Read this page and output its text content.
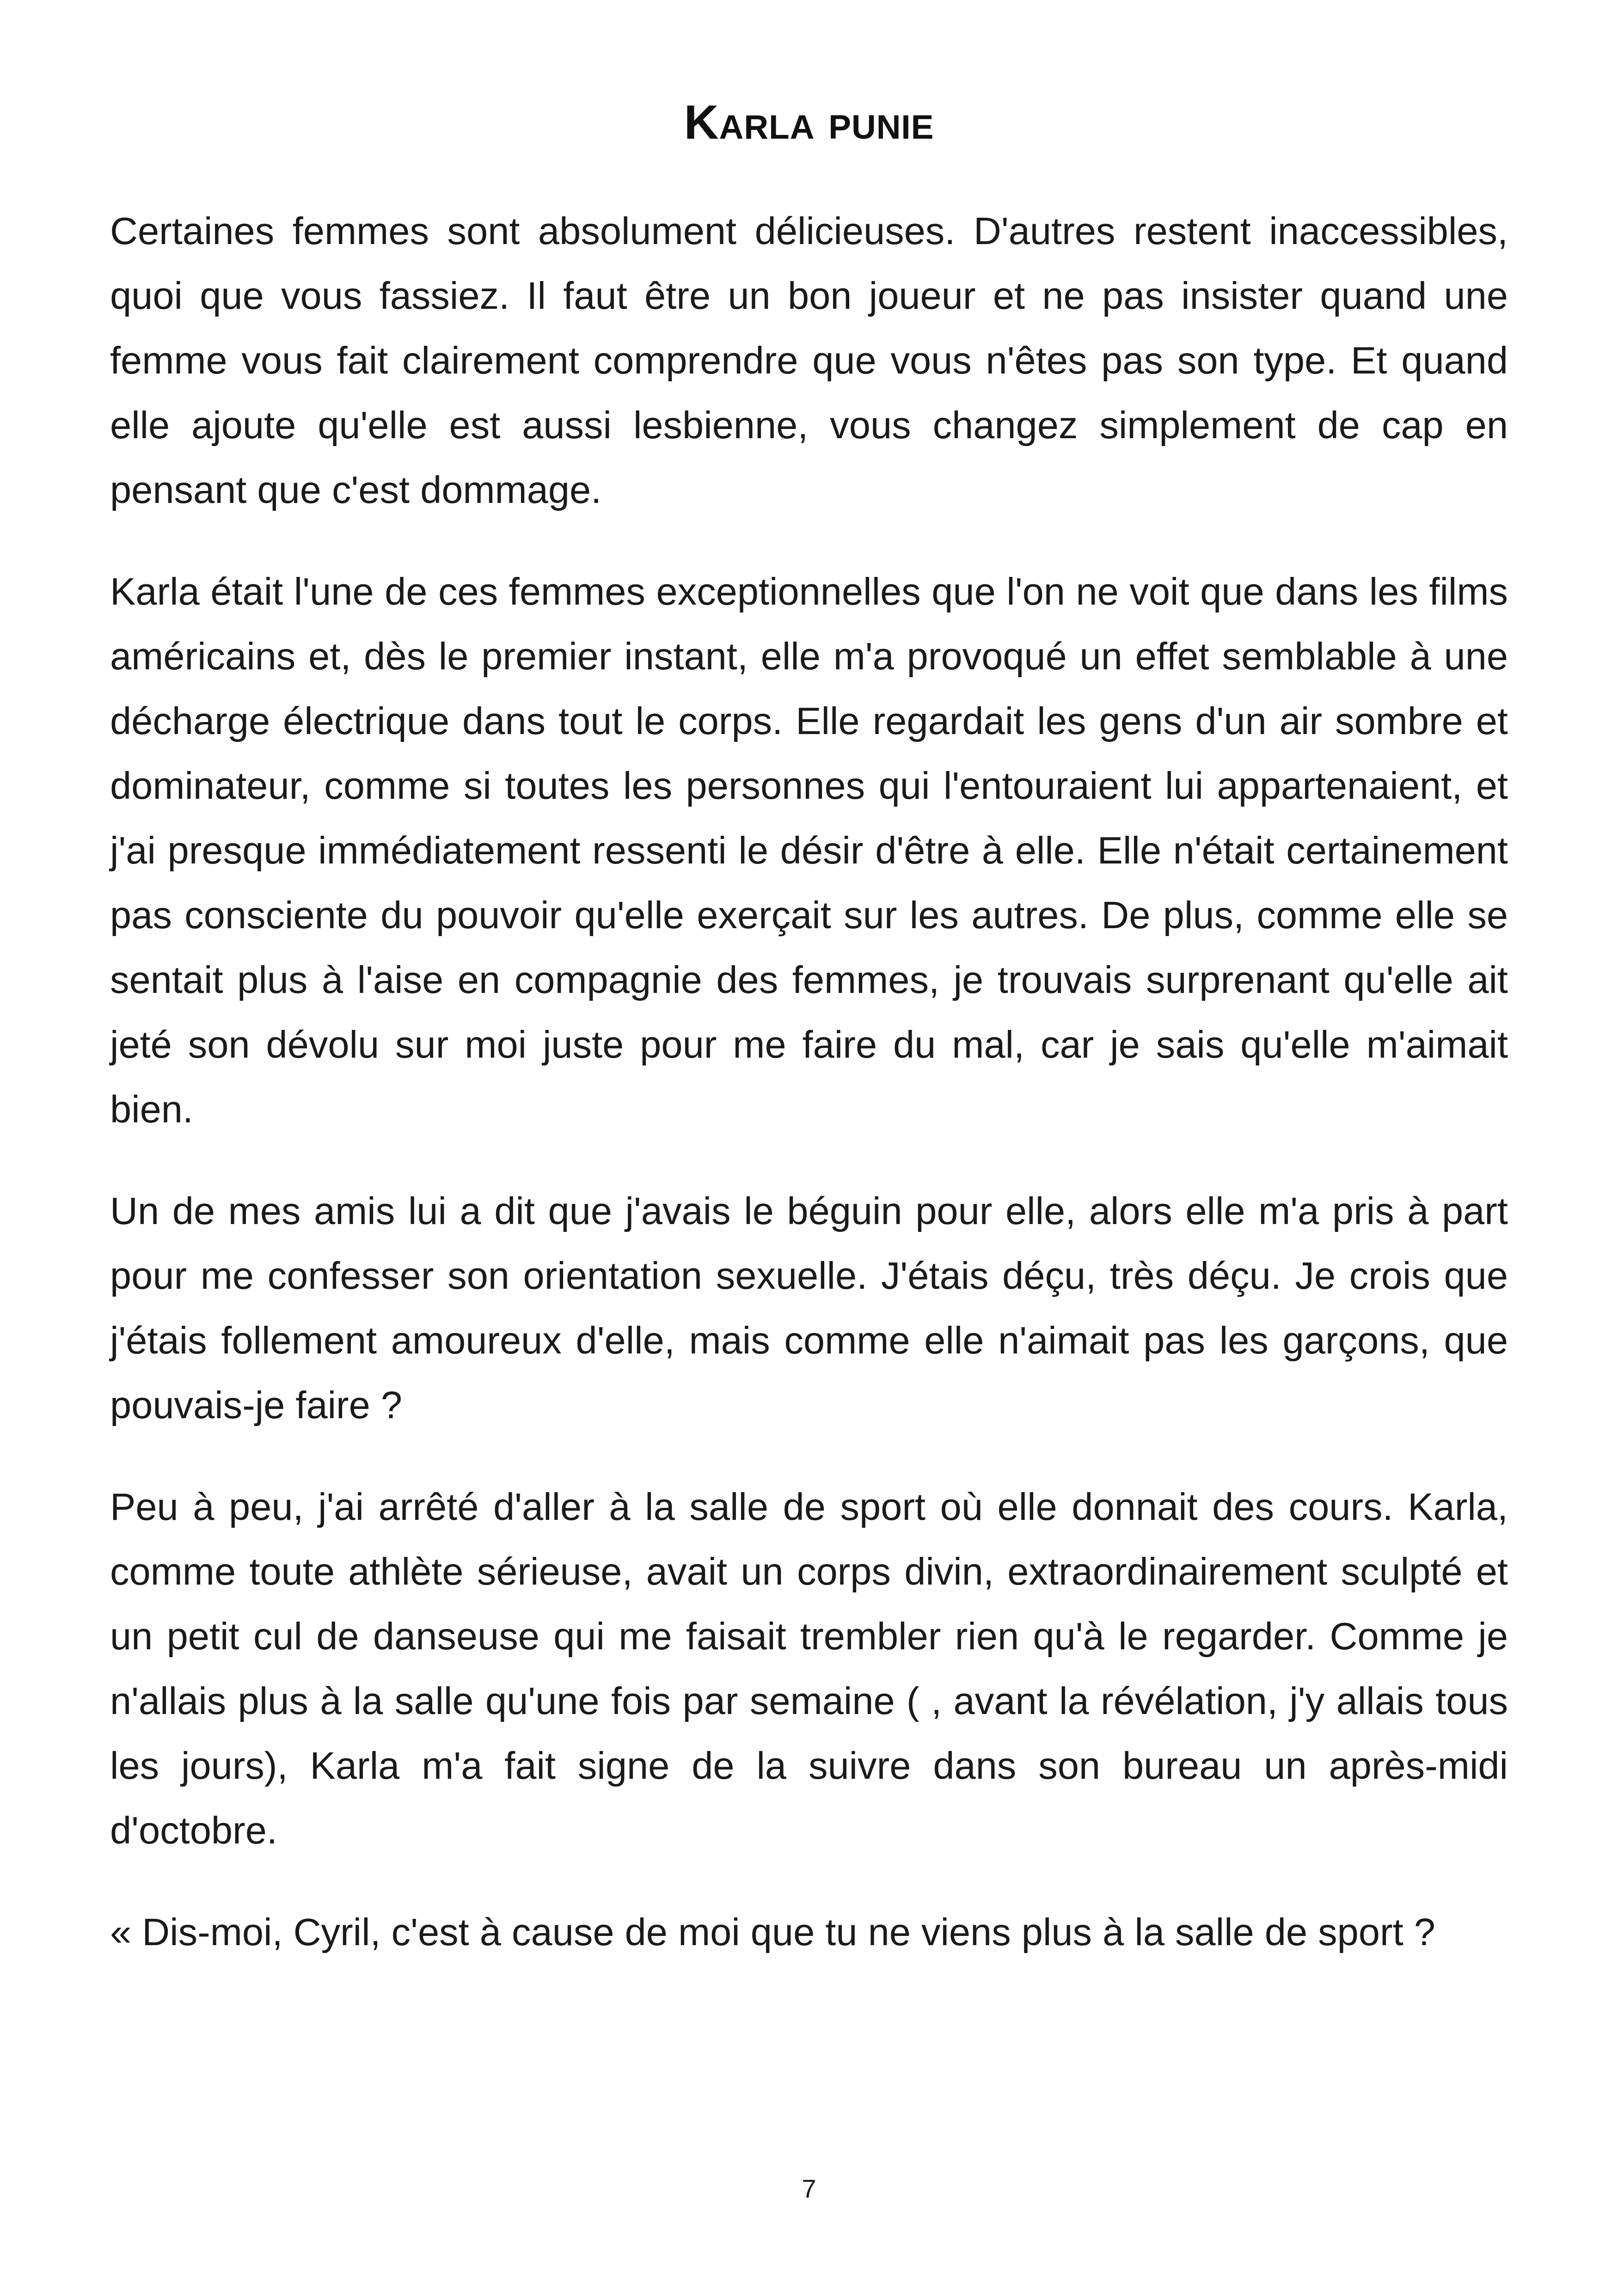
Karla punie

Certaines femmes sont absolument délicieuses. D'autres restent inaccessibles, quoi que vous fassiez. Il faut être un bon joueur et ne pas insister quand une femme vous fait clairement comprendre que vous n'êtes pas son type. Et quand elle ajoute qu'elle est aussi lesbienne, vous changez simplement de cap en pensant que c'est dommage.

Karla était l'une de ces femmes exceptionnelles que l'on ne voit que dans les films américains et, dès le premier instant, elle m'a provoqué un effet semblable à une décharge électrique dans tout le corps. Elle regardait les gens d'un air sombre et dominateur, comme si toutes les personnes qui l'entouraient lui appartenaient, et j'ai presque immédiatement ressenti le désir d'être à elle. Elle n'était certainement pas consciente du pouvoir qu'elle exerçait sur les autres. De plus, comme elle se sentait plus à l'aise en compagnie des femmes, je trouvais surprenant qu'elle ait jeté son dévolu sur moi juste pour me faire du mal, car je sais qu'elle m'aimait bien.

Un de mes amis lui a dit que j'avais le béguin pour elle, alors elle m'a pris à part pour me confesser son orientation sexuelle. J'étais déçu, très déçu. Je crois que j'étais follement amoureux d'elle, mais comme elle n'aimait pas les garçons, que pouvais-je faire ?

Peu à peu, j'ai arrêté d'aller à la salle de sport où elle donnait des cours. Karla, comme toute athlète sérieuse, avait un corps divin, extraordinairement sculpté et un petit cul de danseuse qui me faisait trembler rien qu'à le regarder. Comme je n'allais plus à la salle qu'une fois par semaine ( , avant la révélation, j'y allais tous les jours), Karla m'a fait signe de la suivre dans son bureau un après-midi d'octobre.

« Dis-moi, Cyril, c'est à cause de moi que tu ne viens plus à la salle de sport ?

7
